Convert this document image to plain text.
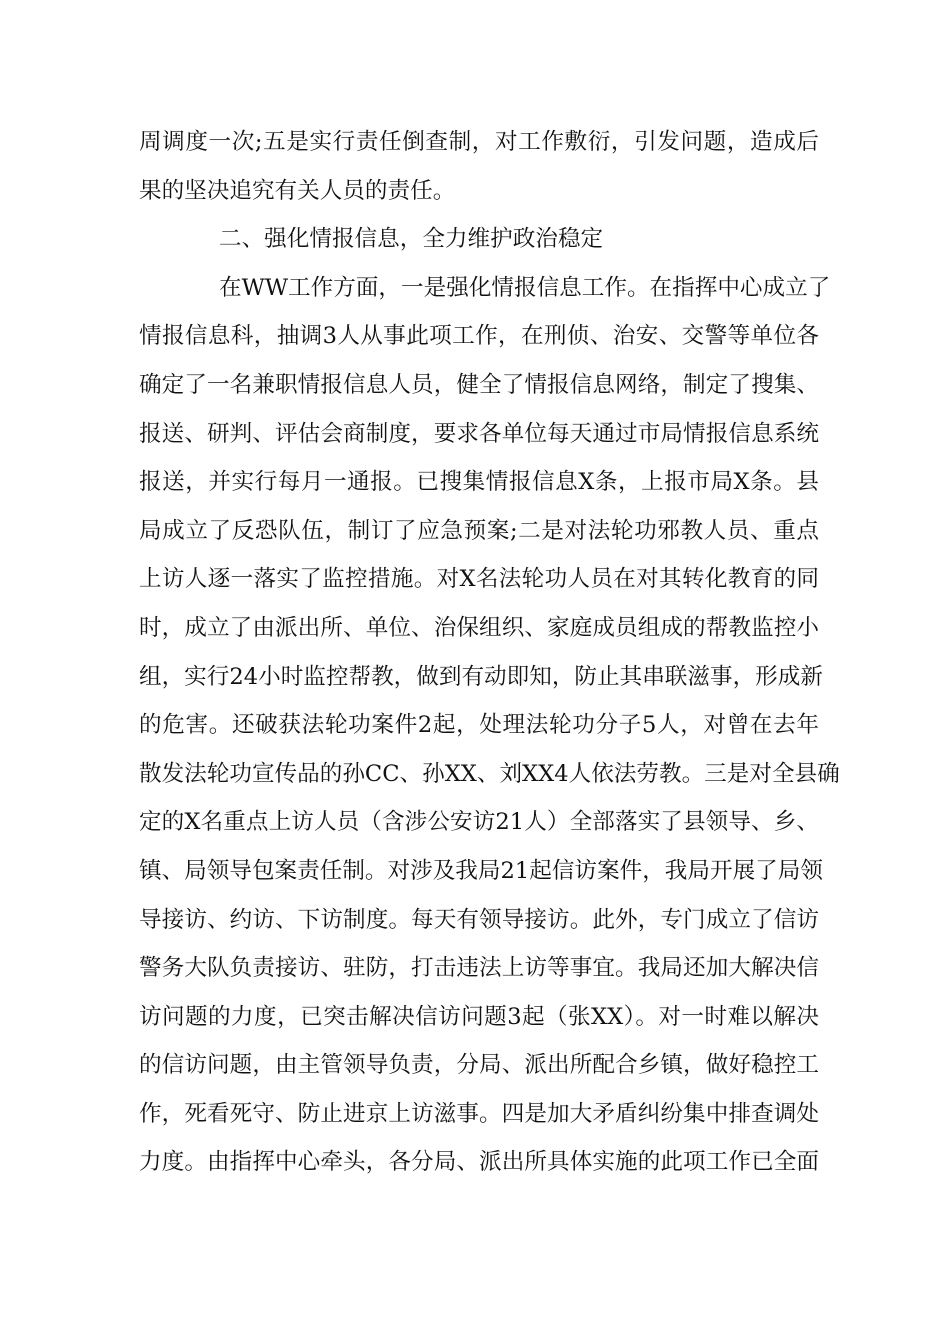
周调度一次;五是实行责任倒查制，对工作敷衍，引发问题，造成后
果的坚决追究有关人员的责任。
二、强化情报信息，全力维护政治稳定
在WW工作方面，一是强化情报信息工作。在指挥中心成立了
情报信息科，抽调3人从事此项工作，在刑侦、治安、交警等单位各
确定了一名兼职情报信息人员，健全了情报信息网络，制定了搜集、
报送、研判、评估会商制度，要求各单位每天通过市局情报信息系统
报送，并实行每月一通报。已搜集情报信息X条，上报市局X条。县
局成立了反恐队伍，制订了应急预案;二是对法轮功邪教人员、重点
上访人逐一落实了监控措施。对X名法轮功人员在对其转化教育的同
时，成立了由派出所、单位、治保组织、家庭成员组成的帮教监控小
组，实行24小时监控帮教，做到有动即知，防止其串联滋事，形成新
的危害。还破获法轮功案件2起，处理法轮功分子5人，对曾在去年
散发法轮功宣传品的孙CC、孙XX、刘XX4人依法劳教。三是对全县确
定的X名重点上访人员（含涉公安访21人）全部落实了县领导、乡、
镇、局领导包案责任制。对涉及我局21起信访案件，我局开展了局领
导接访、约访、下访制度。每天有领导接访。此外，专门成立了信访
警务大队负责接访、驻防，打击违法上访等事宜。我局还加大解决信
访问题的力度，已突击解决信访问题3起（张XX）。对一时难以解决
的信访问题，由主管领导负责，分局、派出所配合乡镇，做好稳控工
作，死看死守、防止进京上访滋事。四是加大矛盾纠纷集中排查调处
力度。由指挥中心牵头，各分局、派出所具体实施的此项工作已全面
